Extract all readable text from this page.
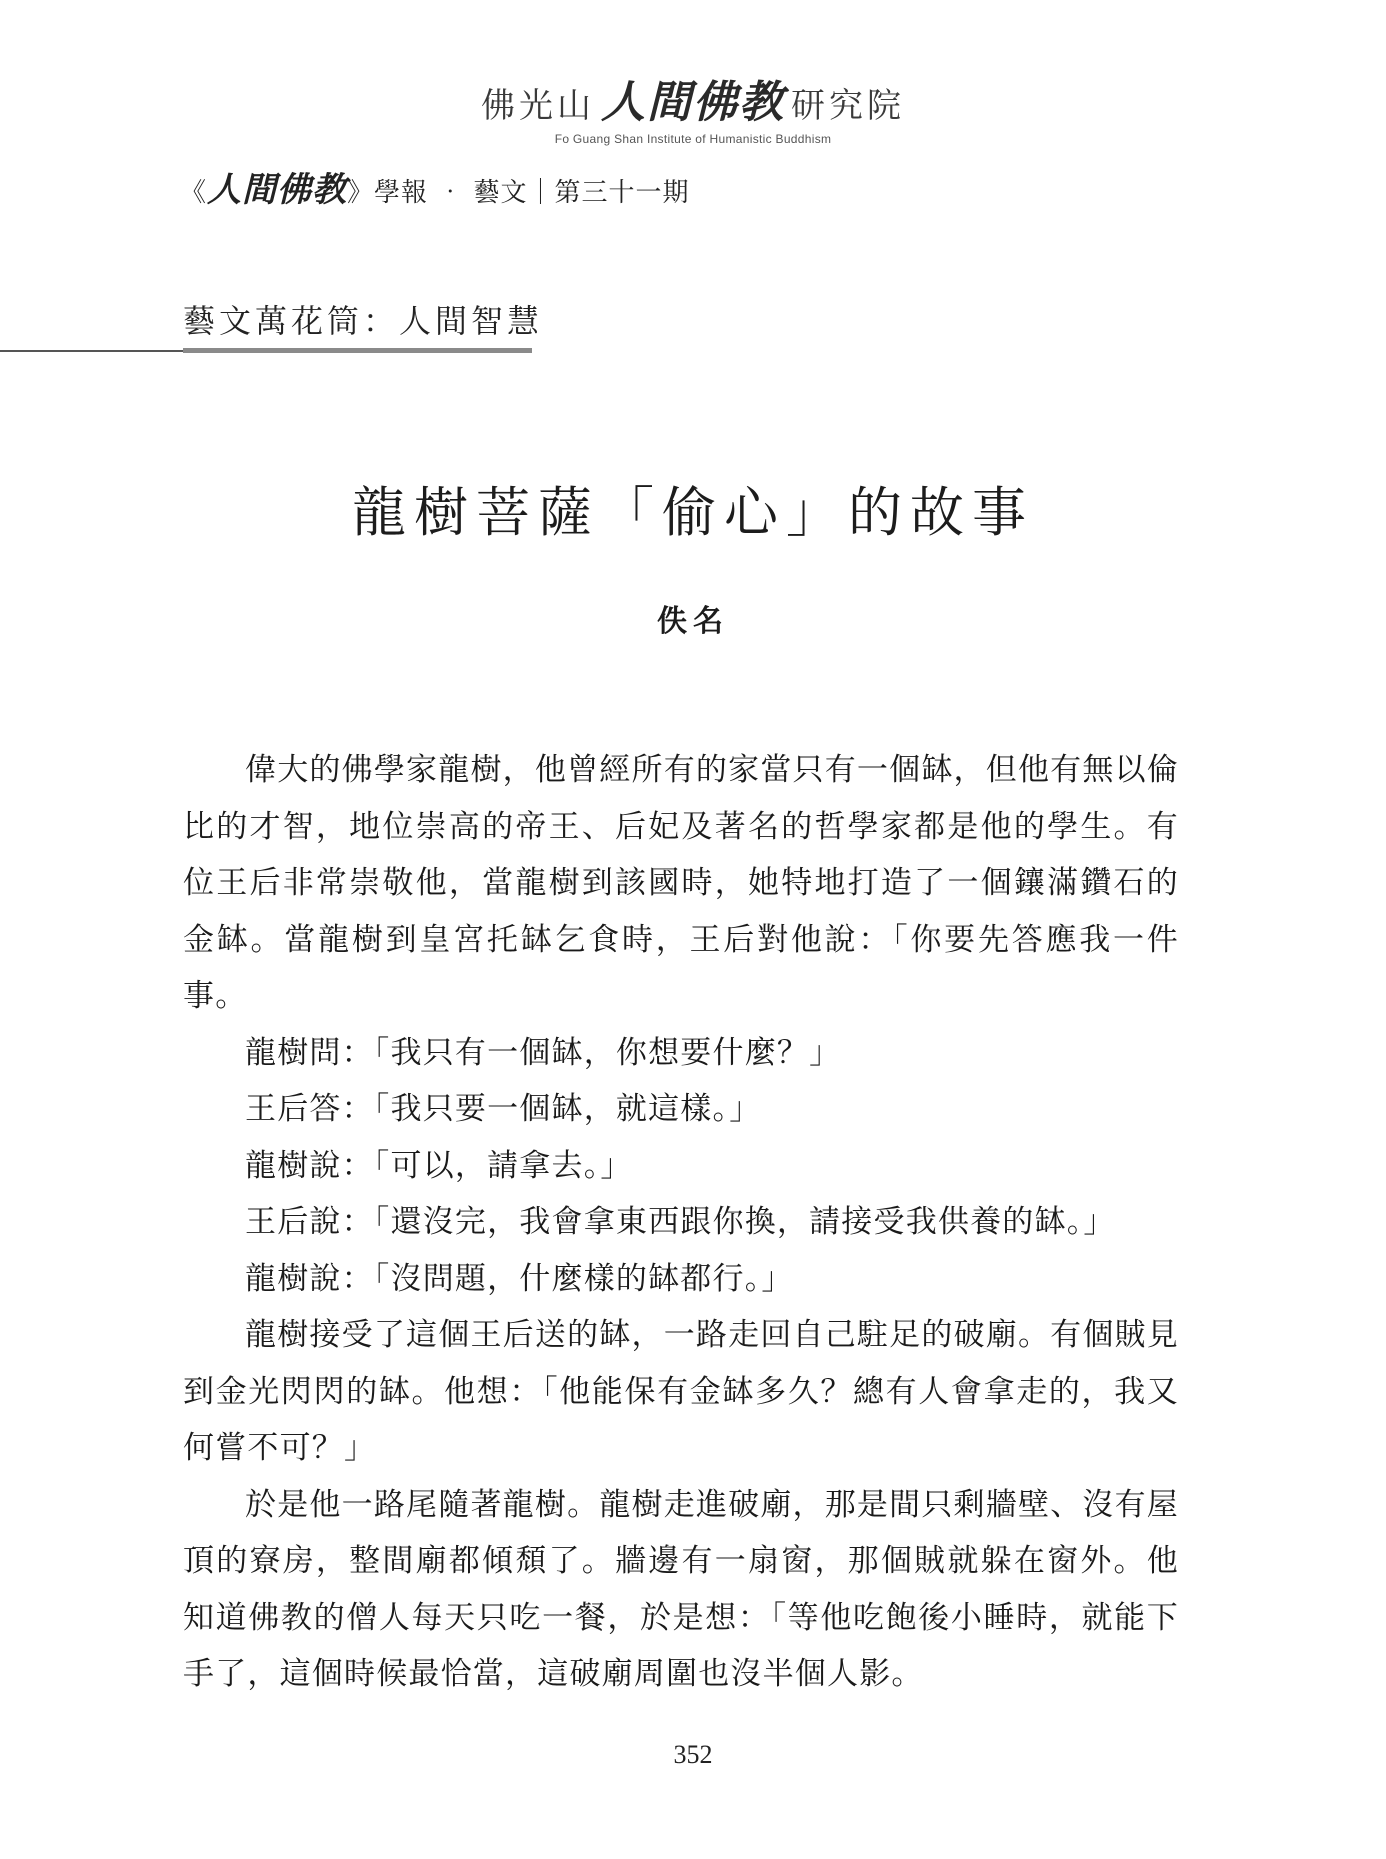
佛光山 人間佛教 研究院
Fo Guang Shan Institute of Humanistic Buddhism
《人間佛教》學報 ‧ 藝文｜第三十一期
藝文萬花筒：人間智慧
龍樹菩薩「偷心」的故事
佚名

偉大的佛學家龍樹，他曾經所有的家當只有一個缽，但他有無以倫比的才智，地位崇高的帝王、后妃及著名的哲學家都是他的學生。有位王后非常崇敬他，當龍樹到該國時，她特地打造了一個鑲滿鑽石的金缽。當龍樹到皇宮托缽乞食時，王后對他說：「你要先答應我一件事。

龍樹問：「我只有一個缽，你想要什麼？」

王后答：「我只要一個缽，就這樣。」

龍樹說：「可以，請拿去。」

王后說：「還沒完，我會拿東西跟你換，請接受我供養的缽。」

龍樹說：「沒問題，什麼樣的缽都行。」

龍樹接受了這個王后送的缽，一路走回自己駐足的破廟。有個賊見到金光閃閃的缽。他想：「他能保有金缽多久？總有人會拿走的，我又何嘗不可？」

於是他一路尾隨著龍樹。龍樹走進破廟，那是間只剩牆壁、沒有屋頂的寮房，整間廟都傾頹了。牆邊有一扇窗，那個賊就躲在窗外。他知道佛教的僧人每天只吃一餐，於是想：「等他吃飽後小睡時，就能下手了，這個時候最恰當，這破廟周圍也沒半個人影。

352
